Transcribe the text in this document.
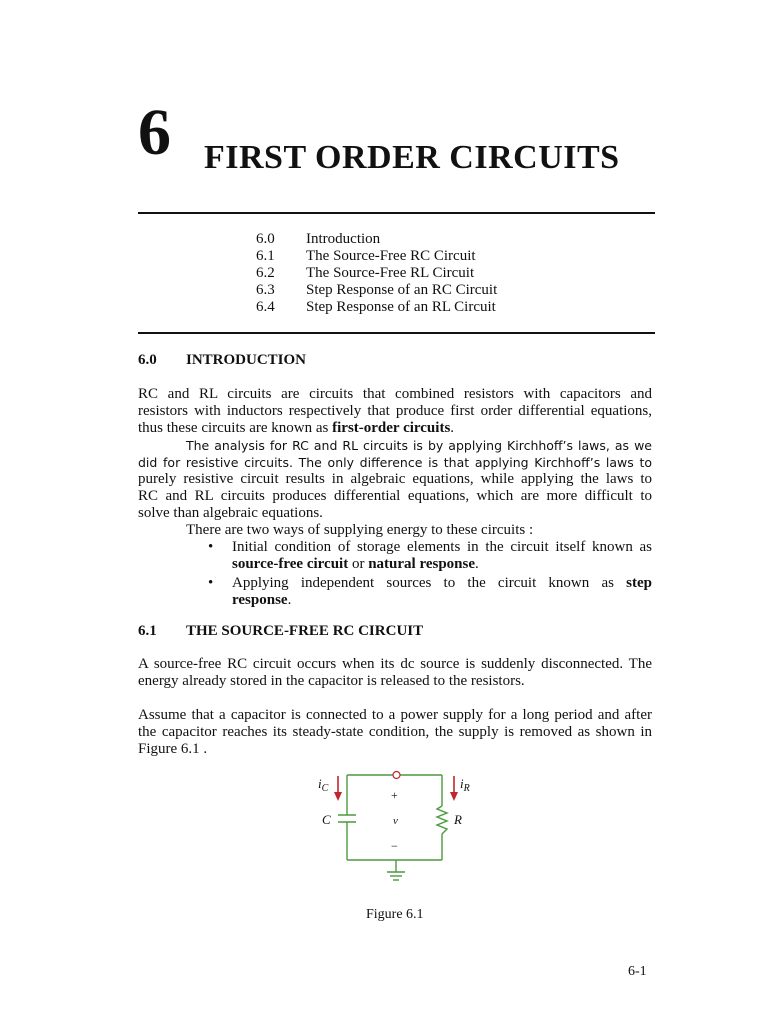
6 FIRST ORDER CIRCUITS
6.0	Introduction
6.1	The Source-Free RC Circuit
6.2	The Source-Free RL Circuit
6.3	Step Response of an RC Circuit
6.4	Step Response of an RL Circuit
6.0 INTRODUCTION
RC and RL circuits are circuits that combined resistors with capacitors and
resistors with inductors respectively that produce first order differential equations,
thus these circuits are known as first-order circuits.
The analysis for RC and RL circuits is by applying Kirchhoff’s laws, as we
did for resistive circuits. The only difference is that applying Kirchhoff’s laws to
purely resistive circuit results in algebraic equations, while applying the laws to
RC and RL circuits produces differential equations, which are more difficult to
solve than algebraic equations.
There are two ways of supplying energy to these circuits :
• Initial condition of storage elements in the circuit itself known as
source-free circuit or natural response.
• Applying independent sources to the circuit known as step
response.
6.1 THE SOURCE-FREE RC CIRCUIT
A source-free RC circuit occurs when its dc source is suddenly disconnected. The
energy already stored in the capacitor is released to the resistors.
Assume that a capacitor is connected to a power supply for a long period and after
the capacitor reaches its steady-state condition, the supply is removed as shown in
Figure 6.1 .
$i_C$	$i_R$
C	v	R
+
−
Figure 6.1
6-1
